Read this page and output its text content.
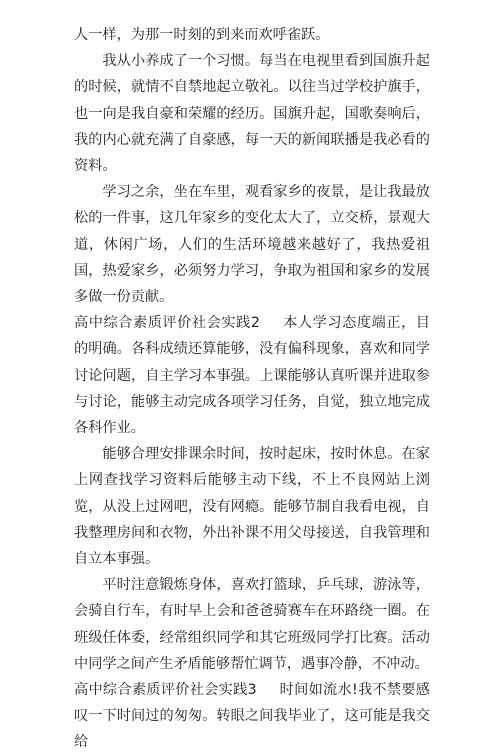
人一样，为那一时刻的到来而欢呼雀跃。

我从小养成了一个习惯。每当在电视里看到国旗升起的时候，就情不自禁地起立敬礼。以往当过学校护旗手，也一向是我自豪和荣耀的经历。国旗升起，国歌奏响后，我的内心就充满了自豪感，每一天的新闻联播是我必看的资料。

学习之余，坐在车里，观看家乡的夜景，是让我最放松的一件事，这几年家乡的变化太大了，立交桥，景观大道，休闲广场，人们的生活环境越来越好了，我热爱祖国，热爱家乡，必须努力学习，争取为祖国和家乡的发展多做一份贡献。

高中综合素质评价社会实践2 本人学习态度端正，目的明确。各科成绩还算能够，没有偏科现象，喜欢和同学讨论问题，自主学习本事强。上课能够认真听课并进取参与讨论，能够主动完成各项学习任务，自觉，独立地完成各科作业。

能够合理安排课余时间，按时起床，按时休息。在家上网查找学习资料后能够主动下线，不上不良网站上浏览，从没上过网吧，没有网瘾。能够节制自我看电视，自我整理房间和衣物，外出补课不用父母接送，自我管理和自立本事强。

平时注意锻炼身体，喜欢打篮球，乒乓球，游泳等，会骑自行车，有时早上会和爸爸骑赛车在环路绕一圈。在班级任体委，经常组织同学和其它班级同学打比赛。活动中同学之间产生矛盾能够帮忙调节，遇事冷静，不冲动。

高中综合素质评价社会实践3 时间如流水!我不禁要感叹一下时间过的匆匆。转眼之间我毕业了，这可能是我交给
